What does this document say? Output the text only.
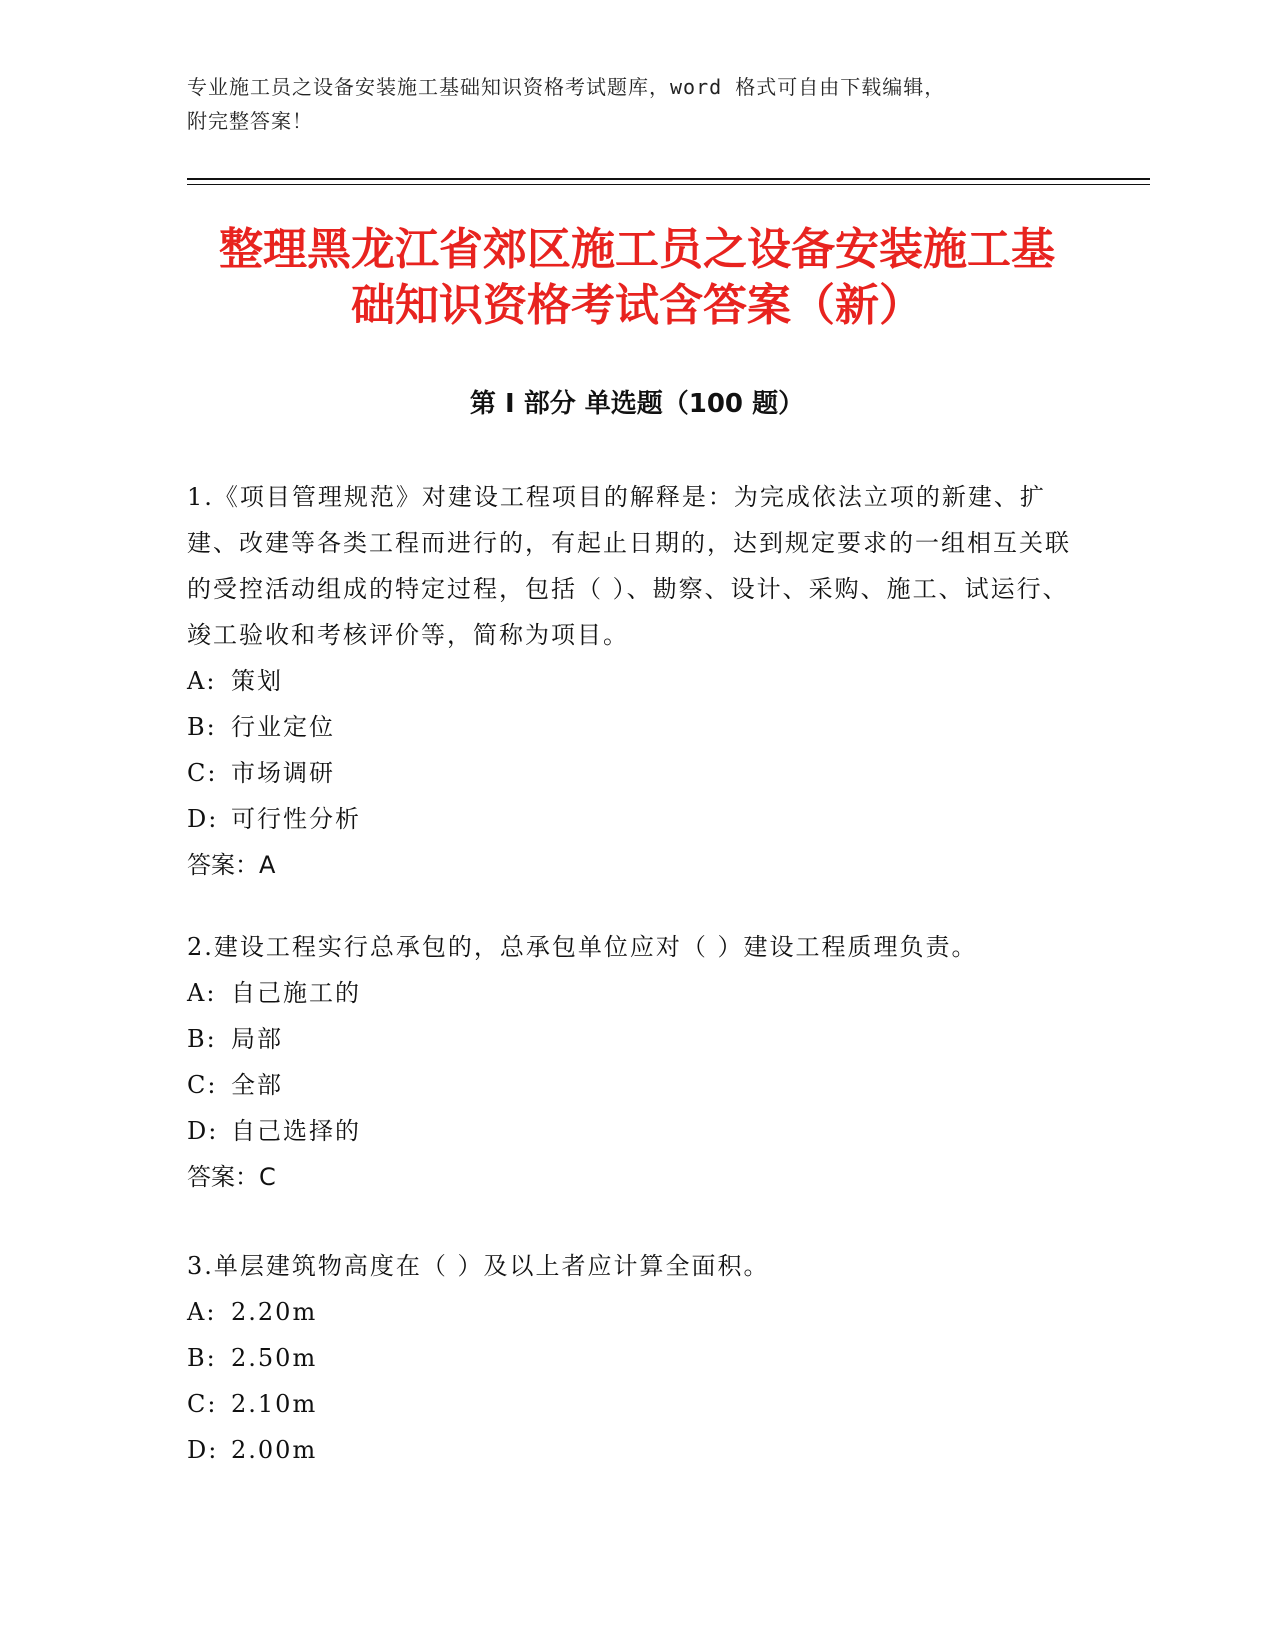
专业施工员之设备安装施工基础知识资格考试题库，word 格式可自由下载编辑，

附完整答案！

整理黑龙江省郊区施工员之设备安装施工基
础知识资格考试含答案（新）
第 I 部分 单选题（100 题）

1.《项目管理规范》对建设工程项目的解释是：为完成依法立项的新建、扩建、改建等各类工程而进行的，有起止日期的，达到规定要求的一组相互关联的受控活动组成的特定过程，包括（ ）、勘察、设计、采购、施工、试运行、竣工验收和考核评价等，简称为项目。

A: 策划

B: 行业定位

C: 市场调研

D: 可行性分析

答案：A

2.建设工程实行总承包的，总承包单位应对（ ）建设工程质理负责。

A: 自己施工的

B: 局部

C: 全部

D: 自己选择的

答案：C

3.单层建筑物高度在（ ）及以上者应计算全面积。

A: 2.20m

B: 2.50m

C: 2.10m

D: 2.00m
